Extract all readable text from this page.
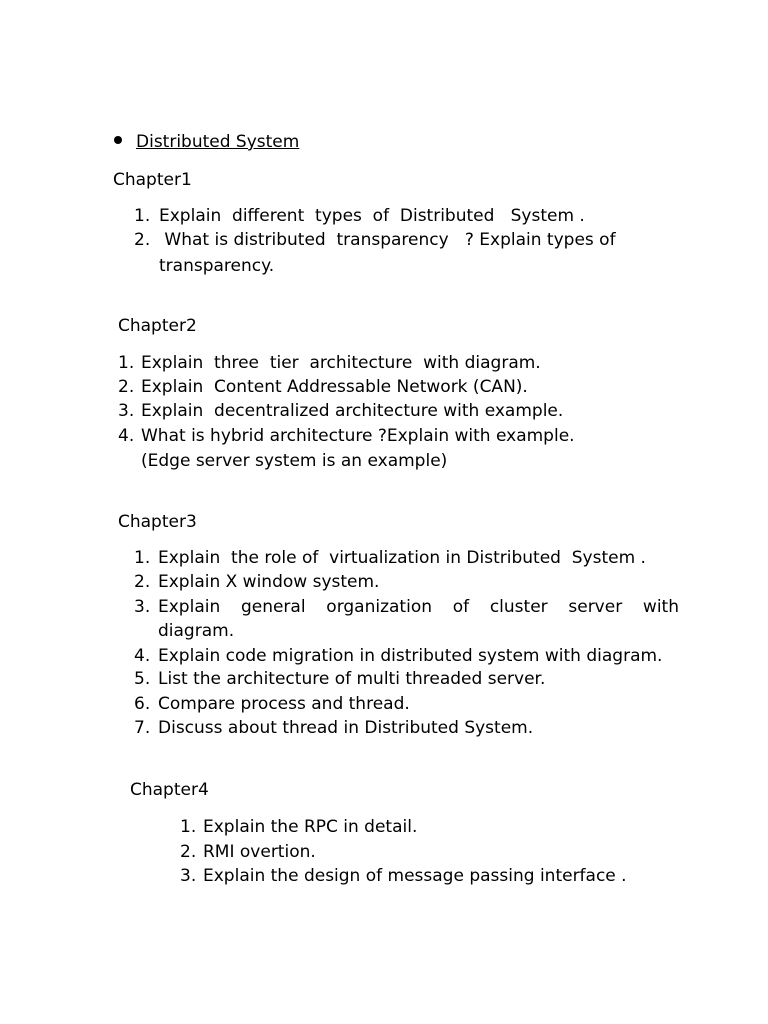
Distributed System
Chapter1
1. Explain  different  types  of  Distributed   System .
2. What is distributed  transparency   ? Explain types of
transparency.
Chapter2
1. Explain  three  tier  architecture  with diagram.
2. Explain  Content Addressable Network (CAN).
3. Explain  decentralized architecture with example.
4. What is hybrid architecture ?Explain with example.
(Edge server system is an example)
Chapter3
1. Explain  the role of  virtualization in Distributed  System .
2. Explain X window system.
3. Explain general organization of cluster server with
diagram.
4. Explain code migration in distributed system with diagram.
5. List the architecture of multi threaded server.
6. Compare process and thread.
7. Discuss about thread in Distributed System.
Chapter4
1. Explain the RPC in detail.
2. RMI overtion.
3. Explain the design of message passing interface .
